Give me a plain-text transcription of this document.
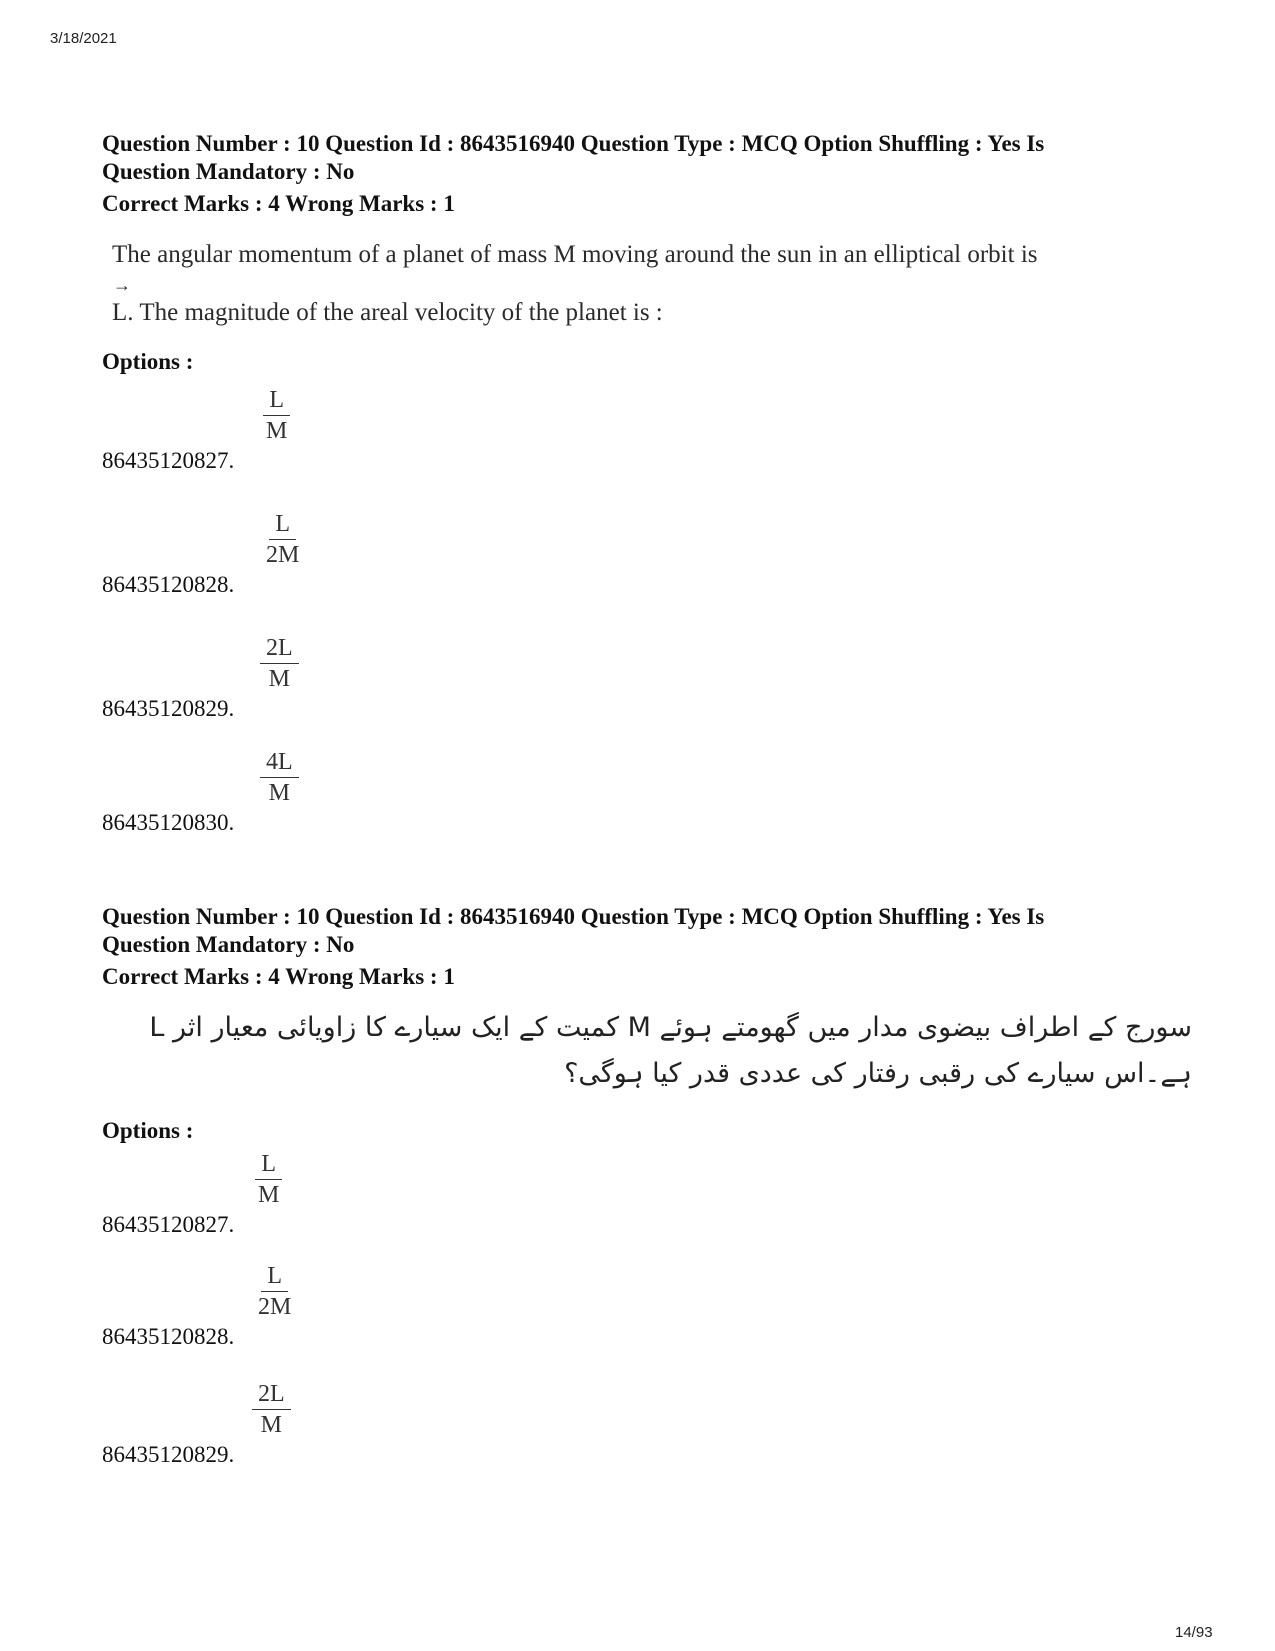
3/18/2021
Question Number : 10 Question Id : 8643516940 Question Type : MCQ Option Shuffling : Yes Is
Question Mandatory : No
Correct Marks : 4 Wrong Marks : 1
The angular momentum of a planet of mass M moving around the sun in an elliptical orbit is
→
L. The magnitude of the areal velocity of the planet is :
Options :
$\frac{L}{M}$
86435120827.
$\frac{L}{2M}$
86435120828.
$\frac{2L}{M}$
86435120829.
$\frac{4L}{M}$
86435120830.
Question Number : 10 Question Id : 8643516940 Question Type : MCQ Option Shuffling : Yes Is
Question Mandatory : No
Correct Marks : 4 Wrong Marks : 1
سورج کے اطراف بیضوی مدار میں گھومتے ہوئے M کمیت کے ایک سیارے کا زاویائی معیار اثر L ہے۔اس سیارے کی رقبی رفتار کی عددی قدر کیا ہوگی؟
Options :
$\frac{L}{M}$
86435120827.
$\frac{L}{2M}$
86435120828.
$\frac{2L}{M}$
86435120829.
14/93
